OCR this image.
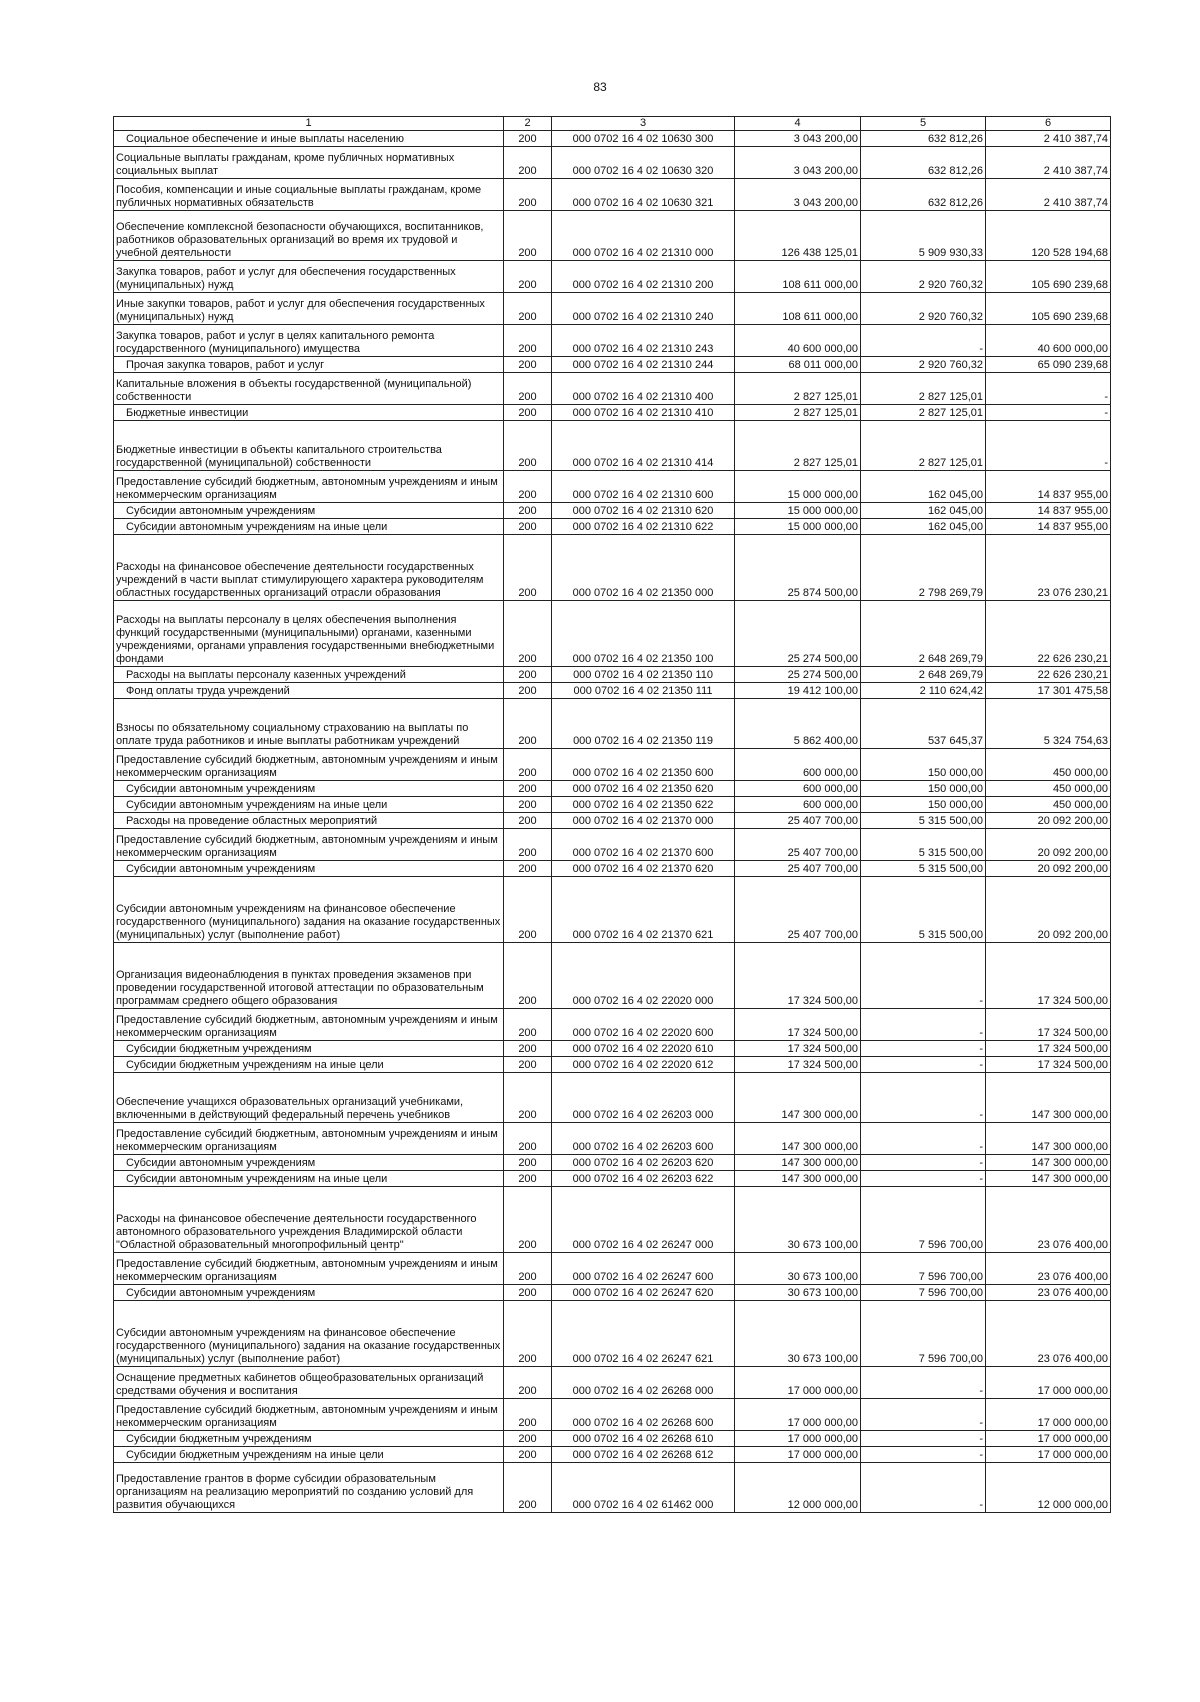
83
1	2	3	4	5	6
Социальное обеспечение и иные выплаты населению	200	000 0702 16 4 02 10630 300	3 043 200,00	632 812,26	2 410 387,74
Социальные выплаты гражданам, кроме публичных нормативных социальных выплат	200	000 0702 16 4 02 10630 320	3 043 200,00	632 812,26	2 410 387,74
Пособия, компенсации и иные социальные выплаты гражданам, кроме публичных нормативных обязательств	200	000 0702 16 4 02 10630 321	3 043 200,00	632 812,26	2 410 387,74
Обеспечение комплексной безопасности обучающихся, воспитанников, работников образовательных организаций во время их трудовой и учебной деятельности	200	000 0702 16 4 02 21310 000	126 438 125,01	5 909 930,33	120 528 194,68
Закупка товаров, работ и услуг для обеспечения государственных (муниципальных) нужд	200	000 0702 16 4 02 21310 200	108 611 000,00	2 920 760,32	105 690 239,68
Иные закупки товаров, работ и услуг для обеспечения государственных (муниципальных) нужд	200	000 0702 16 4 02 21310 240	108 611 000,00	2 920 760,32	105 690 239,68
Закупка товаров, работ и услуг в целях капитального ремонта государственного (муниципального) имущества	200	000 0702 16 4 02 21310 243	40 600 000,00	-	40 600 000,00
Прочая закупка товаров, работ и услуг	200	000 0702 16 4 02 21310 244	68 011 000,00	2 920 760,32	65 090 239,68
Капитальные вложения в объекты государственной (муниципальной) собственности	200	000 0702 16 4 02 21310 400	2 827 125,01	2 827 125,01	-
Бюджетные инвестиции	200	000 0702 16 4 02 21310 410	2 827 125,01	2 827 125,01	-
Бюджетные инвестиции в объекты капитального строительства государственной (муниципальной) собственности	200	000 0702 16 4 02 21310 414	2 827 125,01	2 827 125,01	-
Предоставление субсидий бюджетным, автономным учреждениям и иным некоммерческим организациям	200	000 0702 16 4 02 21310 600	15 000 000,00	162 045,00	14 837 955,00
Субсидии автономным учреждениям	200	000 0702 16 4 02 21310 620	15 000 000,00	162 045,00	14 837 955,00
Субсидии автономным учреждениям на иные цели	200	000 0702 16 4 02 21310 622	15 000 000,00	162 045,00	14 837 955,00
Расходы на финансовое обеспечение деятельности государственных учреждений в части выплат стимулирующего характера руководителям областных государственных организаций отрасли образования	200	000 0702 16 4 02 21350 000	25 874 500,00	2 798 269,79	23 076 230,21
Расходы на выплаты персоналу в целях обеспечения выполнения функций государственными (муниципальными) органами, казенными учреждениями, органами управления государственными внебюджетными фондами	200	000 0702 16 4 02 21350 100	25 274 500,00	2 648 269,79	22 626 230,21
Расходы на выплаты персоналу казенных учреждений	200	000 0702 16 4 02 21350 110	25 274 500,00	2 648 269,79	22 626 230,21
Фонд оплаты труда учреждений	200	000 0702 16 4 02 21350 111	19 412 100,00	2 110 624,42	17 301 475,58
Взносы по обязательному социальному страхованию на выплаты по оплате труда работников и иные выплаты работникам учреждений	200	000 0702 16 4 02 21350 119	5 862 400,00	537 645,37	5 324 754,63
Предоставление субсидий бюджетным, автономным учреждениям и иным некоммерческим организациям	200	000 0702 16 4 02 21350 600	600 000,00	150 000,00	450 000,00
Субсидии автономным учреждениям	200	000 0702 16 4 02 21350 620	600 000,00	150 000,00	450 000,00
Субсидии автономным учреждениям на иные цели	200	000 0702 16 4 02 21350 622	600 000,00	150 000,00	450 000,00
Расходы на проведение областных мероприятий	200	000 0702 16 4 02 21370 000	25 407 700,00	5 315 500,00	20 092 200,00
Предоставление субсидий бюджетным, автономным учреждениям и иным некоммерческим организациям	200	000 0702 16 4 02 21370 600	25 407 700,00	5 315 500,00	20 092 200,00
Субсидии автономным учреждениям	200	000 0702 16 4 02 21370 620	25 407 700,00	5 315 500,00	20 092 200,00
Субсидии автономным учреждениям на финансовое обеспечение государственного (муниципального) задания на оказание государственных (муниципальных) услуг (выполнение работ)	200	000 0702 16 4 02 21370 621	25 407 700,00	5 315 500,00	20 092 200,00
Организация видеонаблюдения в пунктах проведения экзаменов при проведении государственной итоговой аттестации по образовательным программам среднего общего образования	200	000 0702 16 4 02 22020 000	17 324 500,00	-	17 324 500,00
Предоставление субсидий бюджетным, автономным учреждениям и иным некоммерческим организациям	200	000 0702 16 4 02 22020 600	17 324 500,00	-	17 324 500,00
Субсидии бюджетным учреждениям	200	000 0702 16 4 02 22020 610	17 324 500,00	-	17 324 500,00
Субсидии бюджетным учреждениям на иные цели	200	000 0702 16 4 02 22020 612	17 324 500,00	-	17 324 500,00
Обеспечение учащихся образовательных организаций учебниками, включенными в действующий федеральный перечень учебников	200	000 0702 16 4 02 26203 000	147 300 000,00	-	147 300 000,00
Предоставление субсидий бюджетным, автономным учреждениям и иным некоммерческим организациям	200	000 0702 16 4 02 26203 600	147 300 000,00	-	147 300 000,00
Субсидии автономным учреждениям	200	000 0702 16 4 02 26203 620	147 300 000,00	-	147 300 000,00
Субсидии автономным учреждениям на иные цели	200	000 0702 16 4 02 26203 622	147 300 000,00	-	147 300 000,00
Расходы на финансовое обеспечение деятельности государственного автономного образовательного учреждения Владимирской области "Областной образовательный многопрофильный центр"	200	000 0702 16 4 02 26247 000	30 673 100,00	7 596 700,00	23 076 400,00
Предоставление субсидий бюджетным, автономным учреждениям и иным некоммерческим организациям	200	000 0702 16 4 02 26247 600	30 673 100,00	7 596 700,00	23 076 400,00
Субсидии автономным учреждениям	200	000 0702 16 4 02 26247 620	30 673 100,00	7 596 700,00	23 076 400,00
Субсидии автономным учреждениям на финансовое обеспечение государственного (муниципального) задания на оказание государственных (муниципальных) услуг (выполнение работ)	200	000 0702 16 4 02 26247 621	30 673 100,00	7 596 700,00	23 076 400,00
Оснащение предметных кабинетов общеобразовательных организаций средствами обучения и воспитания	200	000 0702 16 4 02 26268 000	17 000 000,00	-	17 000 000,00
Предоставление субсидий бюджетным, автономным учреждениям и иным некоммерческим организациям	200	000 0702 16 4 02 26268 600	17 000 000,00	-	17 000 000,00
Субсидии бюджетным учреждениям	200	000 0702 16 4 02 26268 610	17 000 000,00	-	17 000 000,00
Субсидии бюджетным учреждениям на иные цели	200	000 0702 16 4 02 26268 612	17 000 000,00	-	17 000 000,00
Предоставление грантов в форме субсидии образовательным организациям на реализацию мероприятий по созданию условий для развития обучающихся	200	000 0702 16 4 02 61462 000	12 000 000,00	-	12 000 000,00
